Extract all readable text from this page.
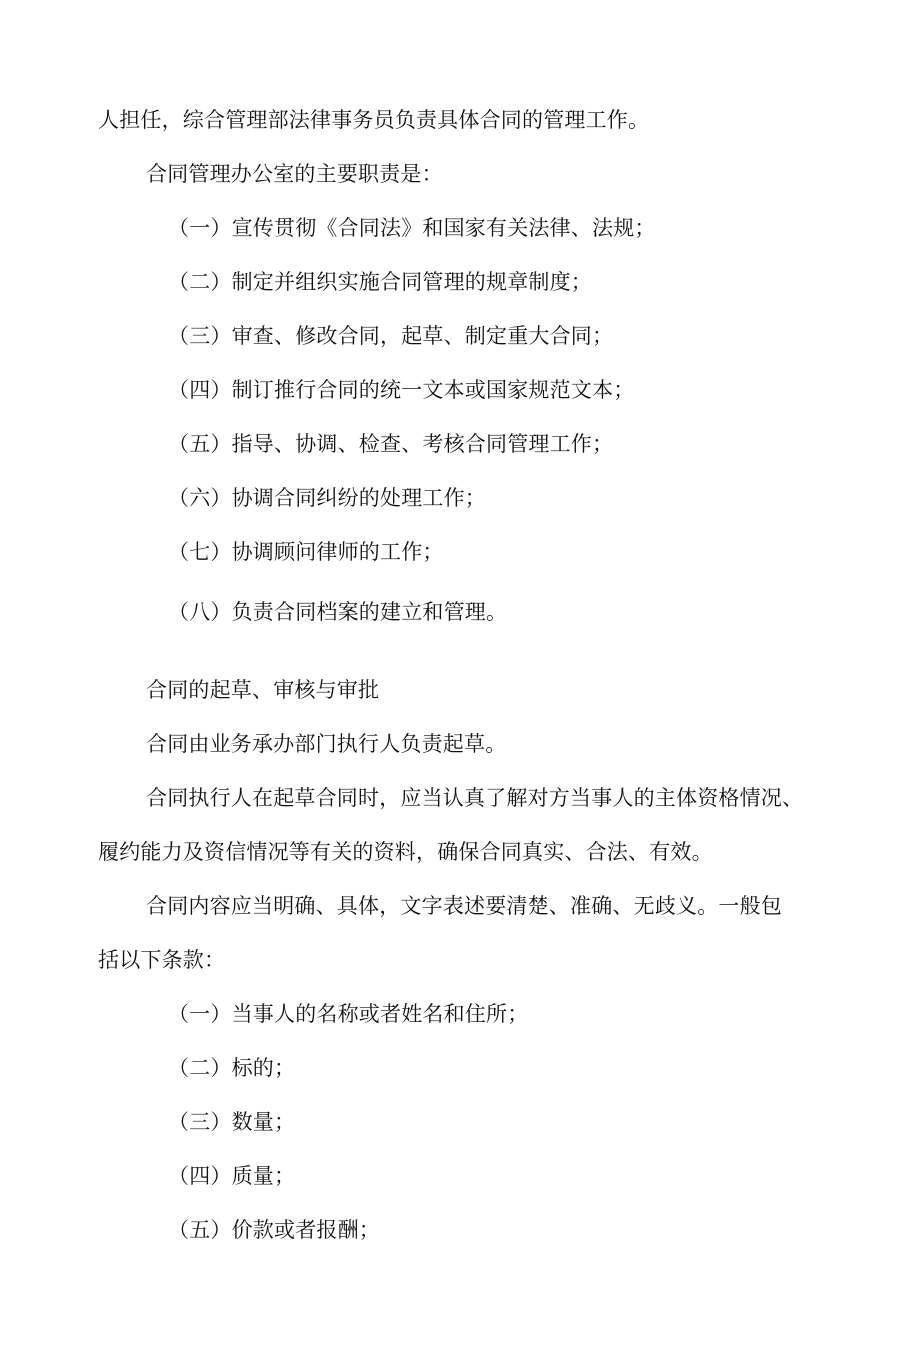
人担任，综合管理部法律事务员负责具体合同的管理工作。
合同管理办公室的主要职责是：
（一）宣传贯彻《合同法》和国家有关法律、法规；
（二）制定并组织实施合同管理的规章制度；
（三）审查、修改合同，起草、制定重大合同；
（四）制订推行合同的统一文本或国家规范文本；
（五）指导、协调、检查、考核合同管理工作；
（六）协调合同纠纷的处理工作；
（七）协调顾问律师的工作；
（八）负责合同档案的建立和管理。
合同的起草、审核与审批
合同由业务承办部门执行人负责起草。
合同执行人在起草合同时，应当认真了解对方当事人的主体资格情况、
履约能力及资信情况等有关的资料，确保合同真实、合法、有效。
合同内容应当明确、具体，文字表述要清楚、准确、无歧义。一般包
括以下条款：
（一）当事人的名称或者姓名和住所；
（二）标的；
（三）数量；
（四）质量；
（五）价款或者报酬；
